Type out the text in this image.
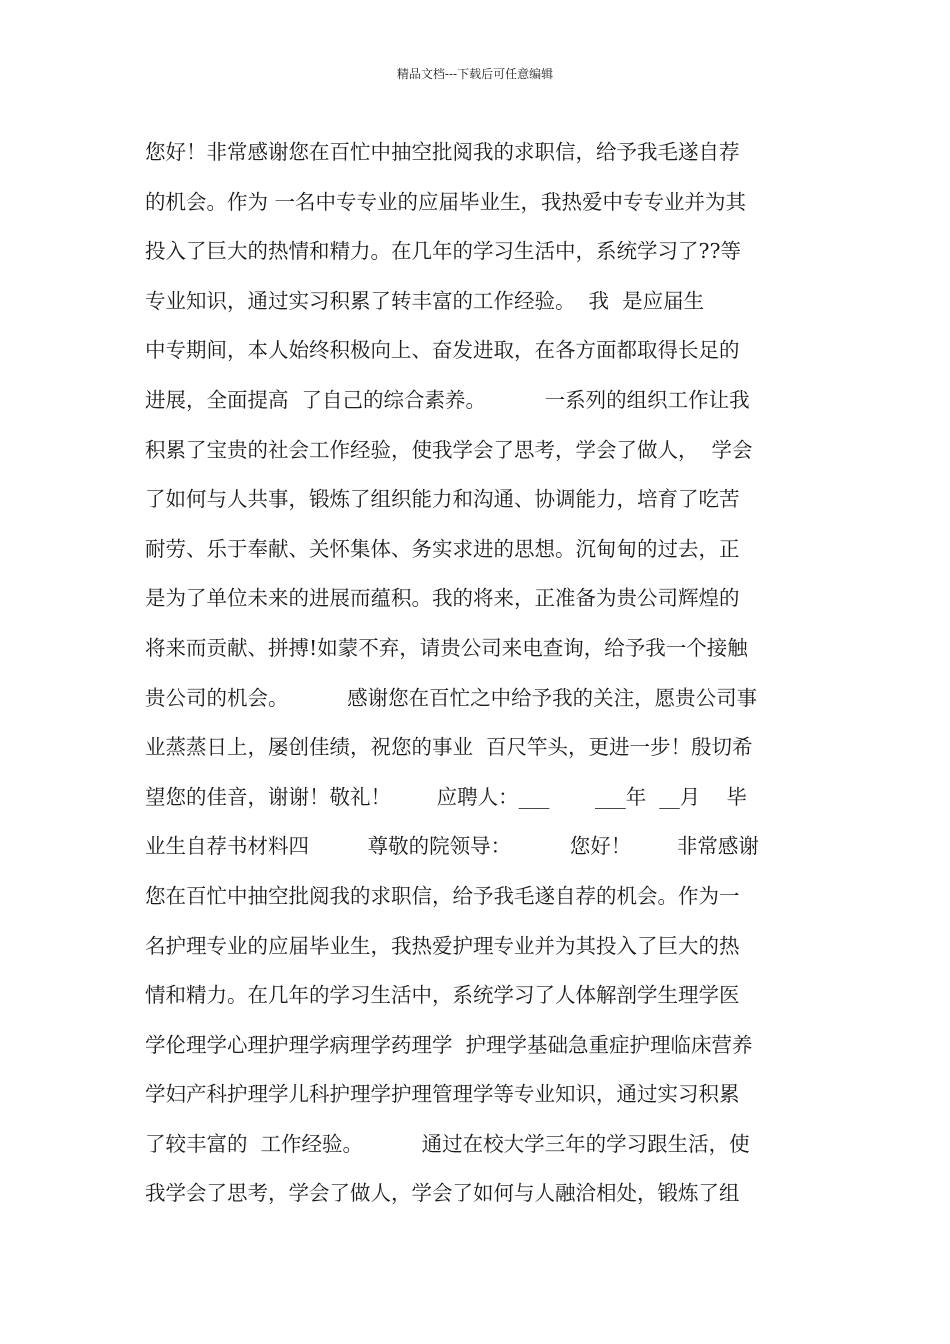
精品文档---下载后可任意编辑
您好！非常感谢您在百忙中抽空批阅我的求职信，给予我毛遂自荐
的机会。作为 一名中专专业的应届毕业生，我热爱中专专业并为其
投入了巨大的热情和精力。在几年的学习生活中，系统学习了??等
专业知识，通过实习积累了转丰富的工作经验。  我  是应届生
中专期间，本人始终积极向上、奋发进取，在各方面都取得长足的
进展，全面提高  了自己的综合素养。         一系列的组织工作让我
积累了宝贵的社会工作经验，使我学会了思考，学会了做人，  学会
了如何与人共事，锻炼了组织能力和沟通、协调能力，培育了吃苦
耐劳、乐于奉献、关怀集体、务实求进的思想。沉甸甸的过去，正
是为了单位未来的进展而蕴积。我的将来，正准备为贵公司辉煌的
将来而贡献、拼搏!如蒙不弃，请贵公司来电查询，给予我一个接触
贵公司的机会。         感谢您在百忙之中给予我的关注，愿贵公司事
业蒸蒸日上，屡创佳绩，祝您的事业  百尺竿头，更进一步！殷切希
望您的佳音，谢谢！敬礼！       应聘人：___       ___年  __月    毕
业生自荐书材料四         尊敬的院领导：         您好！       非常感谢
您在百忙中抽空批阅我的求职信，给予我毛遂自荐的机会。作为一
名护理专业的应届毕业生，我热爱护理专业并为其投入了巨大的热
情和精力。在几年的学习生活中，系统学习了人体解剖学生理学医
学伦理学心理护理学病理学药理学  护理学基础急重症护理临床营养
学妇产科护理学儿科护理学护理管理学等专业知识，通过实习积累
了较丰富的  工作经验。         通过在校大学三年的学习跟生活，使
我学会了思考，学会了做人，学会了如何与人融洽相处，锻炼了组
